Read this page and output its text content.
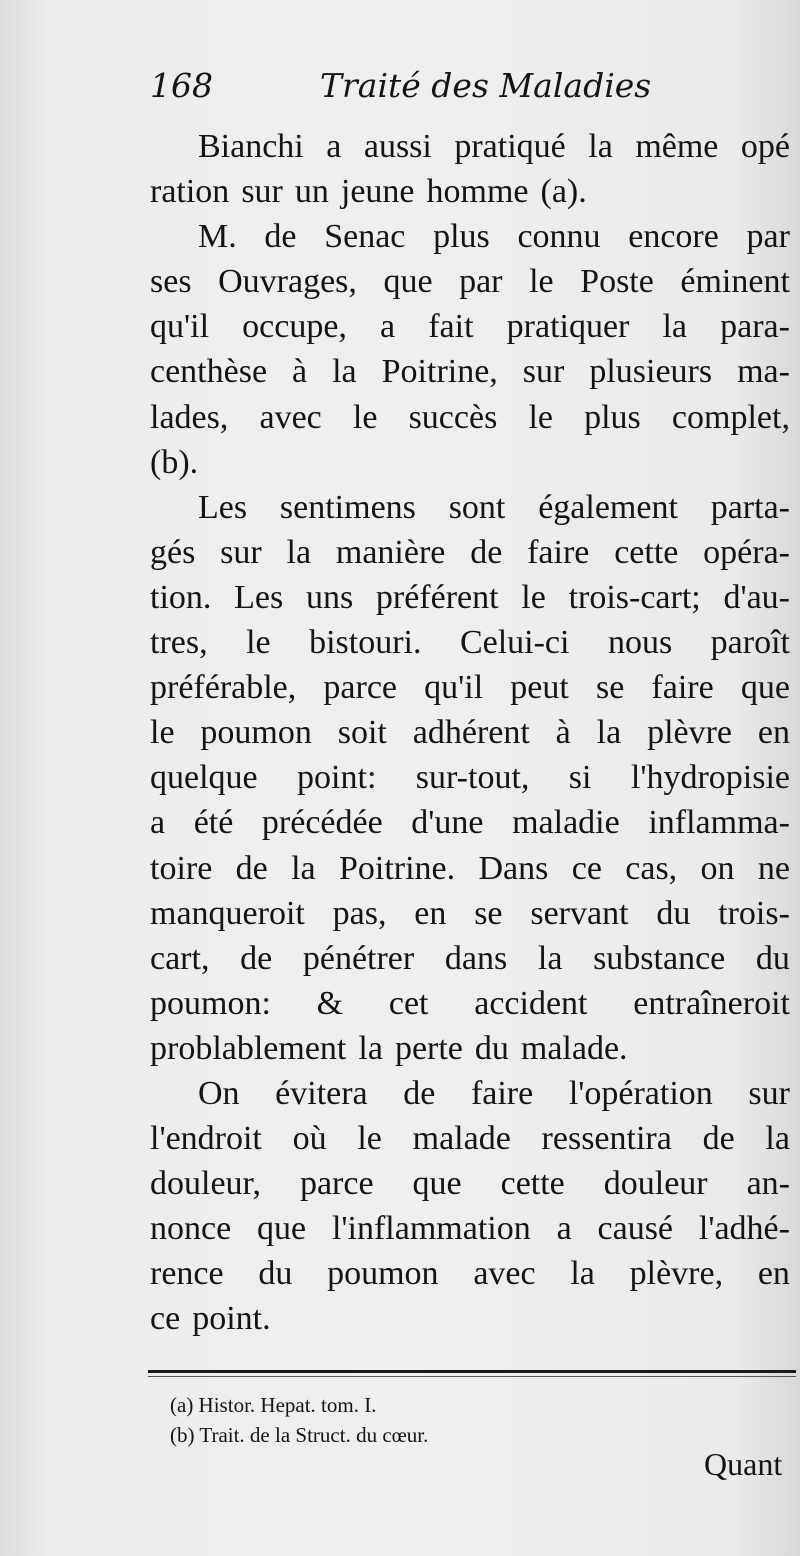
168	Traité des Maladies
Bianchi a aussi pratiqué la même opé
ration sur un jeune homme (a).
M. de Senac plus connu encore par
ses Ouvrages, que par le Poste éminent
qu'il occupe, a fait pratiquer la para-
centhèse à la Poitrine, sur plusieurs ma-
lades, avec le succès le plus complet,
(b).
Les sentimens sont également parta-
gés sur la manière de faire cette opéra-
tion. Les uns préférent le trois-cart; d'au-
tres, le bistouri. Celui-ci nous paroît
préférable, parce qu'il peut se faire que
le poumon soit adhérent à la plèvre en
quelque point: sur-tout, si l'hydropisie
a été précédée d'une maladie inflamma-
toire de la Poitrine. Dans ce cas, on ne
manqueroit pas, en se servant du trois-
cart, de pénétrer dans la substance du
poumon: & cet accident entraîneroit
problablement la perte du malade.
On évitera de faire l'opération sur
l'endroit où le malade ressentira de la
douleur, parce que cette douleur an-
nonce que l'inflammation a causé l'adhé-
rence du poumon avec la plèvre, en
ce point.
(a) Histor. Hepat. tom. I.
(b) Trait. de la Struct. du cœur.
Quant
